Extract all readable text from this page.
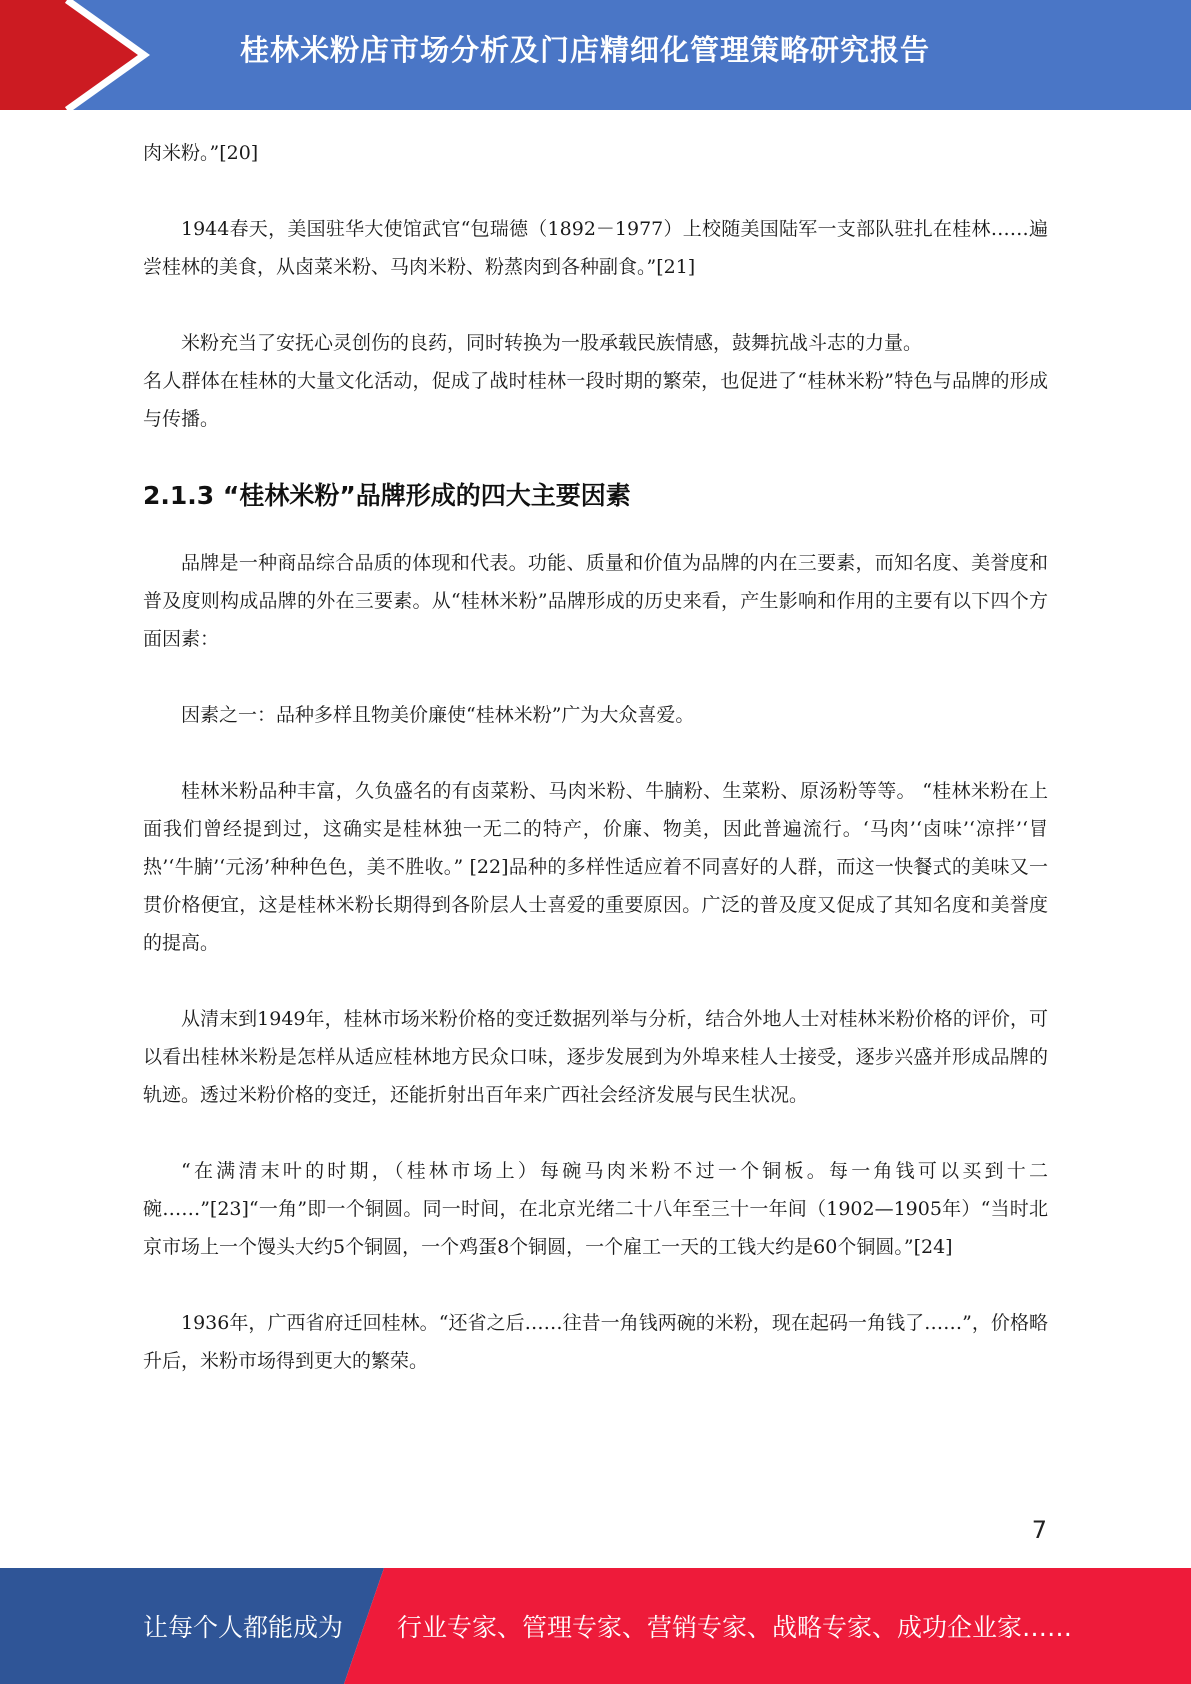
桂林米粉店市场分析及门店精细化管理策略研究报告

肉米粉。”[20]

1944春天，美国驻华大使馆武官“包瑞德（1892－1977）上校随美国陆军一支部队驻扎在桂林……遍尝桂林的美食，从卤菜米粉、马肉米粉、粉蒸肉到各种副食。”[21]

米粉充当了安抚心灵创伤的良药，同时转换为一股承载民族情感，鼓舞抗战斗志的力量。

名人群体在桂林的大量文化活动，促成了战时桂林一段时期的繁荣，也促进了“桂林米粉”特色与品牌的形成与传播。

2.1.3 “桂林米粉”品牌形成的四大主要因素

品牌是一种商品综合品质的体现和代表。功能、质量和价值为品牌的内在三要素，而知名度、美誉度和普及度则构成品牌的外在三要素。从“桂林米粉”品牌形成的历史来看，产生影响和作用的主要有以下四个方面因素：

因素之一：品种多样且物美价廉使“桂林米粉”广为大众喜爱。

桂林米粉品种丰富，久负盛名的有卤菜粉、马肉米粉、牛腩粉、生菜粉、原汤粉等等。 “桂林米粉在上面我们曾经提到过，这确实是桂林独一无二的特产，价廉、物美，因此普遍流行。‘马肉’‘卤味’‘凉拌’‘冒热’‘牛腩’‘元汤’种种色色，美不胜收。” [22]品种的多样性适应着不同喜好的人群，而这一快餐式的美味又一贯价格便宜，这是桂林米粉长期得到各阶层人士喜爱的重要原因。广泛的普及度又促成了其知名度和美誉度的提高。

从清末到1949年，桂林市场米粉价格的变迁数据列举与分析，结合外地人士对桂林米粉价格的评价，可以看出桂林米粉是怎样从适应桂林地方民众口味，逐步发展到为外埠来桂人士接受，逐步兴盛并形成品牌的轨迹。透过米粉价格的变迁，还能折射出百年来广西社会经济发展与民生状况。

“在满清末叶的时期，（桂林市场上）每碗马肉米粉不过一个铜板。每一角钱可以买到十二碗……”[23]“一角”即一个铜圆。同一时间，在北京光绪二十八年至三十一年间（1902—1905年）“当时北京市场上一个馒头大约5个铜圆，一个鸡蛋8个铜圆，一个雇工一天的工钱大约是60个铜圆。”[24]

1936年，广西省府迁回桂林。“还省之后……往昔一角钱两碗的米粉，现在起码一角钱了……”，价格略升后，米粉市场得到更大的繁荣。

7
让每个人都能成为 行业专家、管理专家、营销专家、战略专家、成功企业家……
